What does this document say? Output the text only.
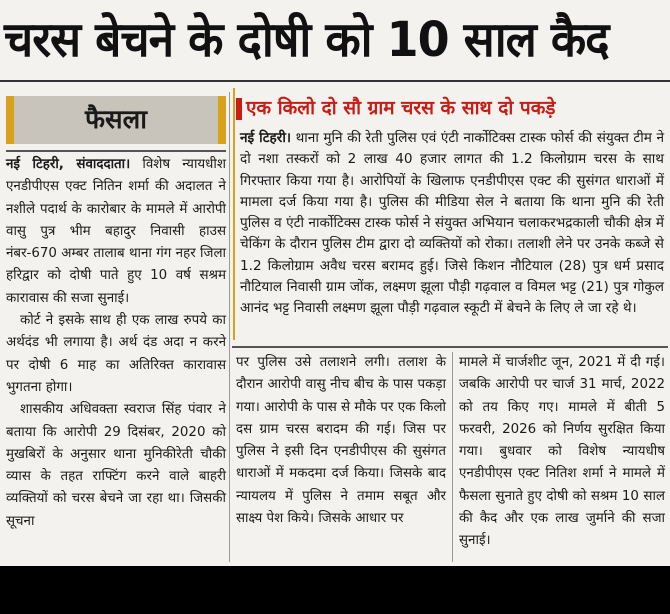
चरस बेचने के दोषी को 10 साल कैद
फैसला

नई टिहरी, संवाददाता। विशेष न्यायधीश एनडीपीएस एक्ट नितिन शर्मा की अदालत ने नशीले पदार्थ के कारोबार के मामले में आरोपी वासु पुत्र भीम बहादुर निवासी हाउस नंबर-670 अम्बर तालाब थाना गंग नहर जिला हरिद्वार को दोषी पाते हुए 10 वर्ष सश्रम कारावास की सजा सुनाई।

कोर्ट ने इसके साथ ही एक लाख रुपये का अर्थदंड भी लगाया है। अर्थ दंड अदा न करने पर दोषी 6 माह का अतिरिक्त कारावास भुगतना होगा।

शासकीय अधिवक्ता स्वराज सिंह पंवार ने बताया कि आरोपी 29 दिसंबर, 2020 को मुखबिरों के अनुसार थाना मुनिकीरेती चौकी व्यास के तहत राफ्टिंग करने वाले बाहरी व्यक्तियों को चरस बेचने जा रहा था। जिसकी सूचना

एक किलो दो सौ ग्राम चरस के साथ दो पकड़े

नई टिहरी। थाना मुनि की रेती पुलिस एवं एंटी नार्कोटिक्स टास्क फोर्स की संयुक्त टीम ने दो नशा तस्करों को 2 लाख 40 हजार लागत की 1.2 किलोग्राम चरस के साथ गिरफ्तार किया गया है। आरोपियों के खिलाफ एनडीपीएस एक्ट की सुसंगत धाराओं में मामला दर्ज किया गया है। पुलिस की मीडिया सेल ने बताया कि थाना मुनि की रेती पुलिस व एंटी नार्कोटिक्स टास्क फोर्स ने संयुक्त अभियान चलाकरभद्रकाली चौकी क्षेत्र में चेकिंग के दौरान पुलिस टीम द्वारा दो व्यक्तियों को रोका। तलाशी लेने पर उनके कब्जे से 1.2 किलोग्राम अवैध चरस बरामद हुई। जिसे किशन नौटियाल (28) पुत्र धर्म प्रसाद नौटियाल निवासी ग्राम जोंक, लक्ष्मण झूला पौड़ी गढ़वाल व विमल भट्ट (21) पुत्र गोकुल आनंद भट्ट निवासी लक्ष्मण झूला पौड़ी गढ़वाल स्कूटी में बेचने के लिए ले जा रहे थे।

पर पुलिस उसे तलाशने लगी। तलाश के दौरान आरोपी वासु नीच बीच के पास पकड़ा गया। आरोपी के पास से मौके पर एक किलो दस ग्राम चरस बरादम की गई। जिस पर पुलिस ने इसी दिन एनडीपीएस की सुसंगत धाराओं में मकदमा दर्ज किया। जिसके बाद न्यायलय में पुलिस ने तमाम सबूत और साक्ष्य पेश किये। जिसके आधार पर

मामले में चार्जशीट जून, 2021 में दी गई। जबकि आरोपी पर चार्ज 31 मार्च, 2022 को तय किए गए। मामले में बीती 5 फरवरी, 2026 को निर्णय सुरक्षित किया गया। बुधवार को विशेष न्यायधीष एनडीपीएस एक्ट नितिश शर्मा ने मामले में फैसला सुनाते हुए दोषी को सश्रम 10 साल की कैद और एक लाख जुर्माने की सजा सुनाई।
